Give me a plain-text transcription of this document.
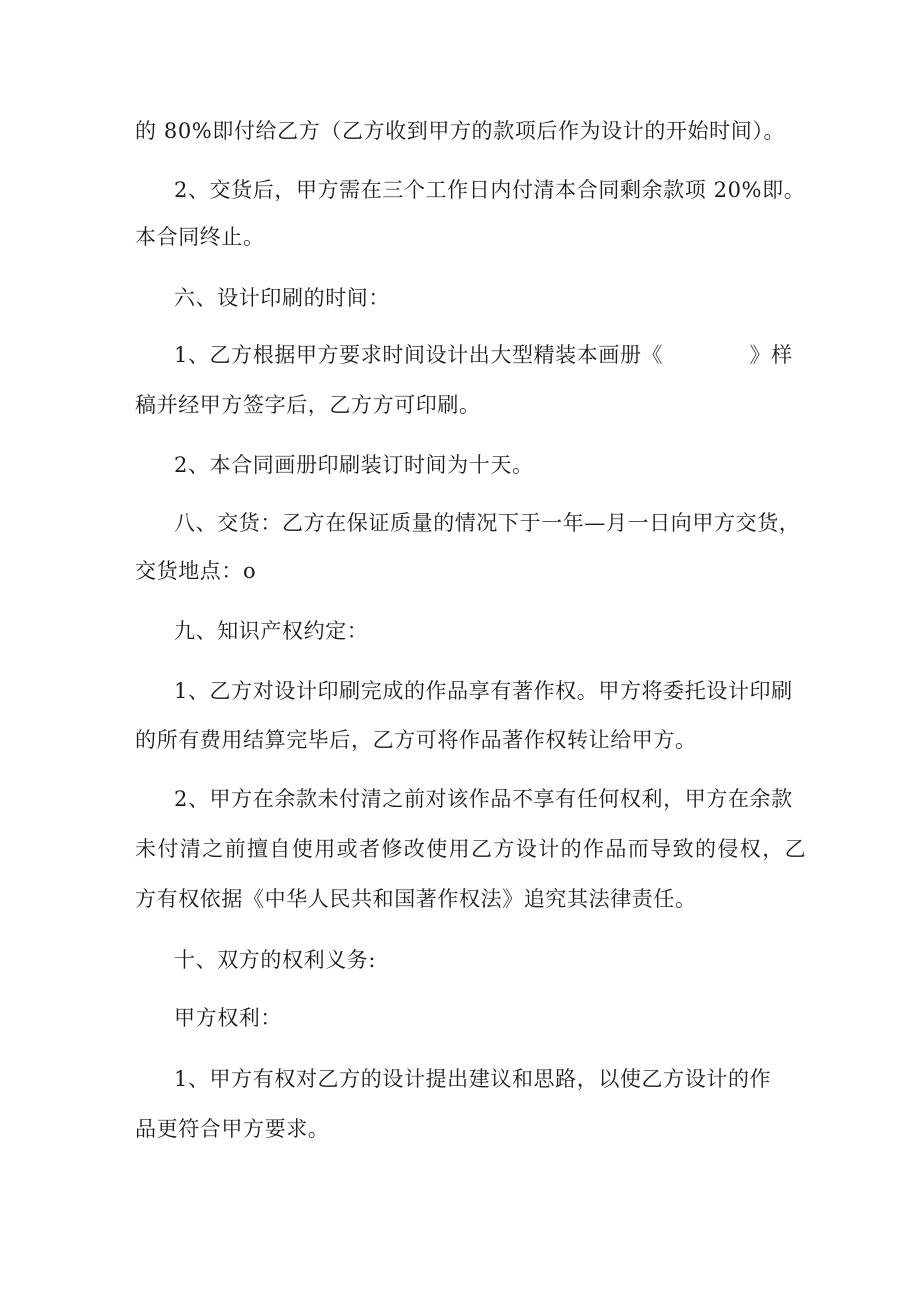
的 80%即付给乙方（乙方收到甲方的款项后作为设计的开始时间）。
2、交货后，甲方需在三个工作日内付清本合同剩余款项 20%即。
本合同终止。
六、设计印刷的时间：
1、乙方根据甲方要求时间设计出大型精装本画册《　　　　》样
稿并经甲方签字后，乙方方可印刷。
2、本合同画册印刷装订时间为十天。
八、交货：乙方在保证质量的情况下于一年—月一日向甲方交货，
交货地点：o
九、知识产权约定：
1、乙方对设计印刷完成的作品享有著作权。甲方将委托设计印刷
的所有费用结算完毕后，乙方可将作品著作权转让给甲方。
2、甲方在余款未付清之前对该作品不享有任何权利，甲方在余款
未付清之前擅自使用或者修改使用乙方设计的作品而导致的侵权，乙
方有权依据《中华人民共和国著作权法》追究其法律责任。
十、双方的权利义务:
甲方权利：
1、甲方有权对乙方的设计提出建议和思路，以使乙方设计的作
品更符合甲方要求。
